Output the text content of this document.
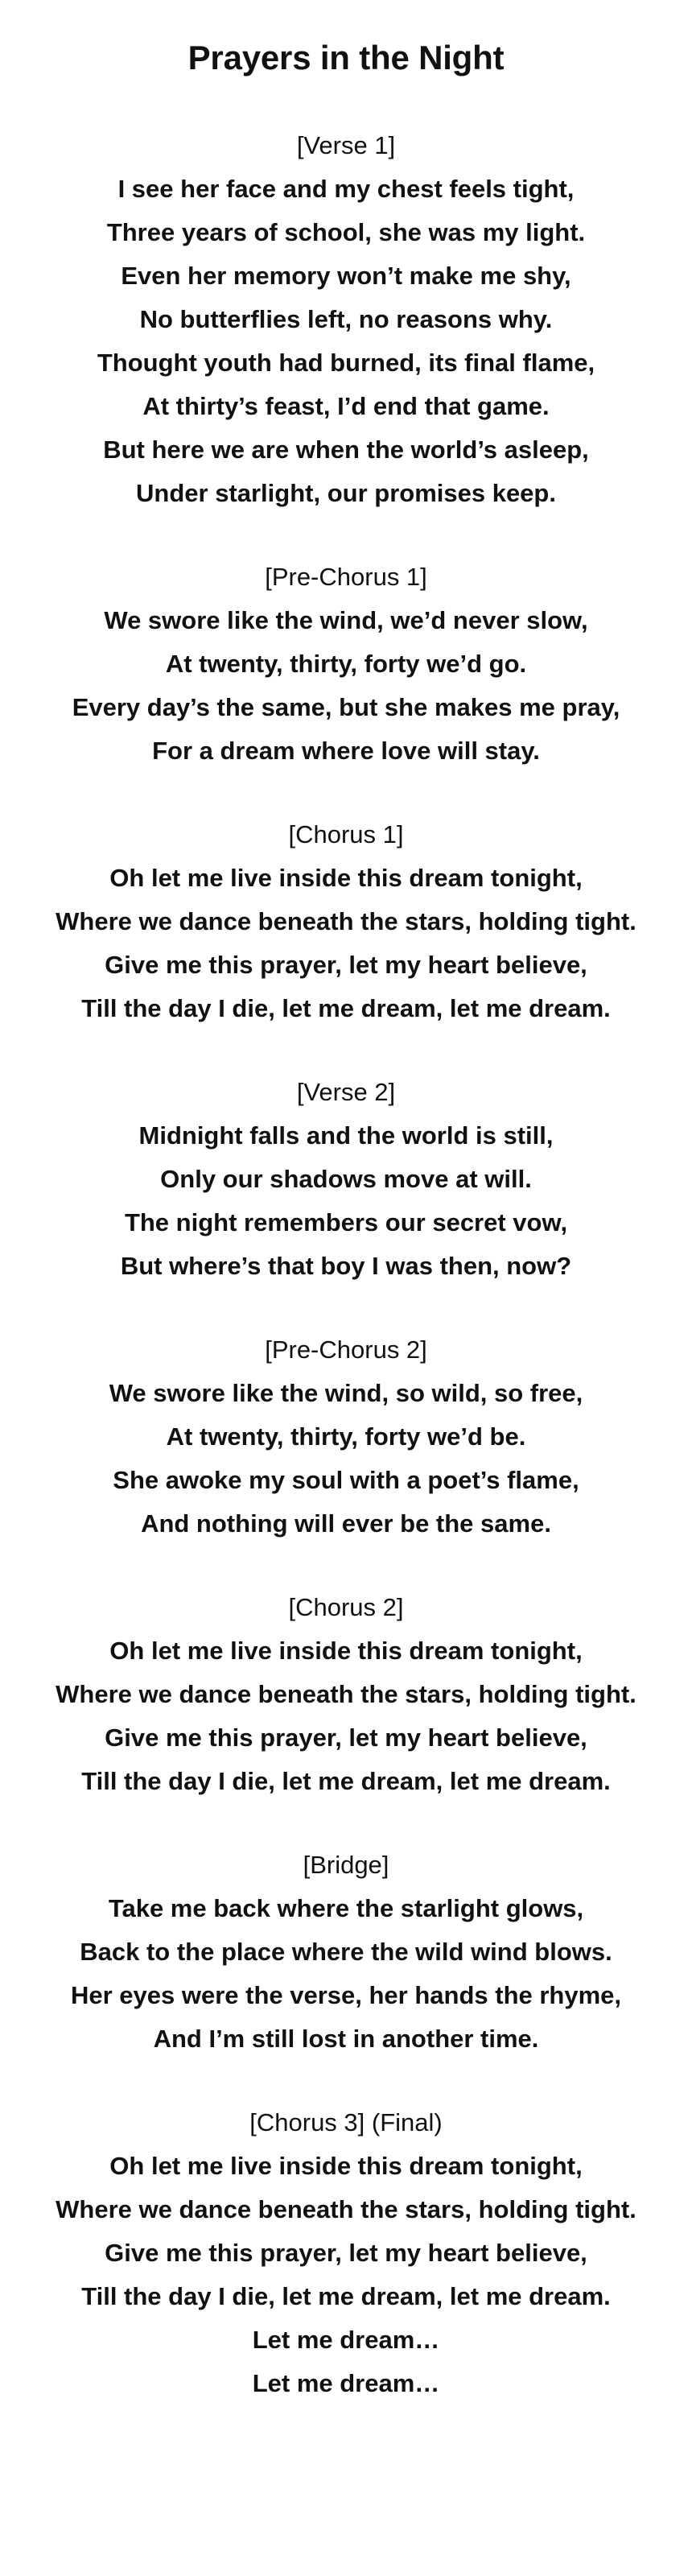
Prayers in the Night
[Verse 1]
I see her face and my chest feels tight,
Three years of school, she was my light.
Even her memory won’t make me shy,
No butterflies left, no reasons why.
Thought youth had burned, its final flame,
At thirty’s feast, I’d end that game.
But here we are when the world’s asleep,
Under starlight, our promises keep.
[Pre-Chorus 1]
We swore like the wind, we’d never slow,
At twenty, thirty, forty we’d go.
Every day’s the same, but she makes me pray,
For a dream where love will stay.
[Chorus 1]
Oh let me live inside this dream tonight,
Where we dance beneath the stars, holding tight.
Give me this prayer, let my heart believe,
Till the day I die, let me dream, let me dream.
[Verse 2]
Midnight falls and the world is still,
Only our shadows move at will.
The night remembers our secret vow,
But where’s that boy I was then, now?
[Pre-Chorus 2]
We swore like the wind, so wild, so free,
At twenty, thirty, forty we’d be.
She awoke my soul with a poet’s flame,
And nothing will ever be the same.
[Chorus 2]
Oh let me live inside this dream tonight,
Where we dance beneath the stars, holding tight.
Give me this prayer, let my heart believe,
Till the day I die, let me dream, let me dream.
[Bridge]
Take me back where the starlight glows,
Back to the place where the wild wind blows.
Her eyes were the verse, her hands the rhyme,
And I’m still lost in another time.
[Chorus 3] (Final)
Oh let me live inside this dream tonight,
Where we dance beneath the stars, holding tight.
Give me this prayer, let my heart believe,
Till the day I die, let me dream, let me dream.
Let me dream…
Let me dream…
